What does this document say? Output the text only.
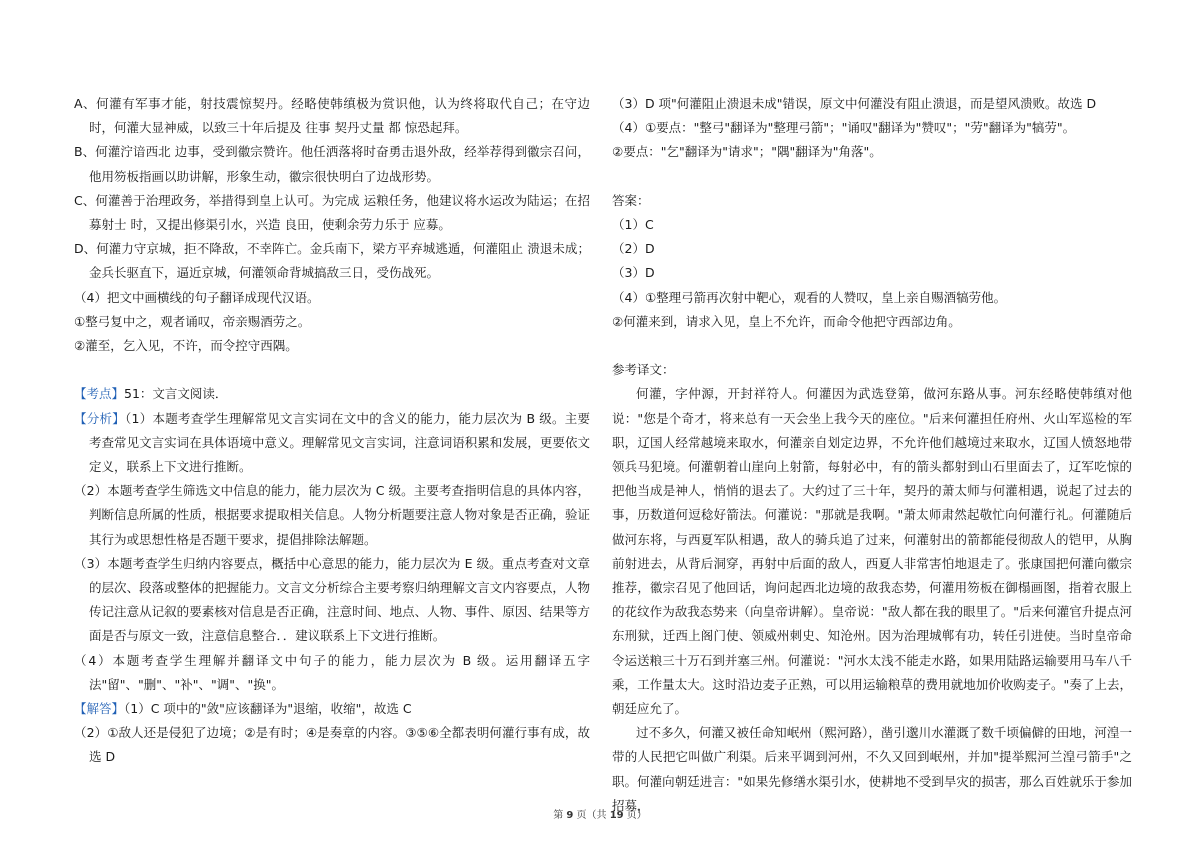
A、何灌有军事才能，射技震惊契丹。经略使韩缜极为赏识他，认为终将取代自己；在守边时，何灌大显神威，以致三十年后提及 往事 契丹丈量 都 惊恐起拜。

B、何灌泞谙西北 边事，受到徽宗赞许。他任洒落将时奋勇击退外敌，经举荐得到徽宗召问，他用笏板指画以助讲解，形象生动，徽宗很快明白了边战形势。

C、何灌善于治理政务，举措得到皇上认可。为完成 运粮任务，他建议将水运改为陆运；在招募射士 时，又提出修渠引水，兴造 良田，使剩余劳力乐于 应募。

D、何灌力守京城，拒不降敌，不幸阵亡。金兵南下，梁方平弃城逃遁，何灌阻止 溃退未成；金兵长驱直下，逼近京城，何灌领命背城搞敌三日，受伤战死。

（4）把文中画横线的句子翻译成现代汉语。

①整弓复中之，观者诵叹，帝亲赐酒劳之。

②灌至，乞入见，不许，而令控守西隅。

【考点】51：文言文阅读．

【分析】（1）本题考查学生理解常见文言实词在文中的含义的能力，能力层次为 B 级。主要考查常见文言实词在具体语境中意义。理解常见文言实词，注意词语积累和发展，更要依文定义，联系上下文进行推断。

（2）本题考查学生筛选文中信息的能力，能力层次为 C 级。主要考查指明信息的具体内容，判断信息所属的性质，根据要求提取相关信息。人物分析题要注意人物对象是否正确，验证其行为或思想性格是否题干要求，提倡排除法解题。

（3）本题考查学生归纳内容要点，概括中心意思的能力，能力层次为 E 级。重点考查对文章的层次、段落或整体的把握能力。文言文分析综合主要考察归纳理解文言文内容要点，人物传记注意从记叙的要素核对信息是否正确，注意时间、地点、人物、事件、原因、结果等方面是否与原文一致，注意信息整合．．建议联系上下文进行推断。

（4）本题考查学生理解并翻译文中句子的能力，能力层次为 B 级。运用翻译五字法"留"、"删"、"补"、"调"、"换"。

【解答】（1）C 项中的"敛"应该翻译为"退缩，收缩"，故选 C

（2）①敌人还是侵犯了边境；②是有时；④是奏章的内容。③⑤⑥全都表明何灌行事有成，故选 D

（3）D 项"何灌阻止溃退未成"错误，原文中何灌没有阻止溃退，而是望风溃败。故选 D

（4）①要点："整弓"翻译为"整理弓箭"；"诵叹"翻译为"赞叹"；"劳"翻译为"犒劳"。

②要点："乞"翻译为"请求"；"隅"翻译为"角落"。

答案：

（1）C

（2）D

（3）D

（4）①整理弓箭再次射中靶心，观看的人赞叹，皇上亲自赐酒犒劳他。

②何灌来到，请求入见，皇上不允许，而命令他把守西部边角。

参考译文：

何灌，字仲源，开封祥符人。何灌因为武选登第，做河东路从事。河东经略使韩缜对他说："您是个奇才，将来总有一天会坐上我今天的座位。"后来何灌担任府州、火山军巡检的军职，辽国人经常越境来取水，何灌亲自划定边界，不允许他们越境过来取水，辽国人愤怒地带领兵马犯境。何灌朝着山崖向上射箭，每射必中，有的箭头都射到山石里面去了，辽军吃惊的把他当成是神人，悄悄的退去了。大约过了三十年，契丹的萧太师与何灌相遇，说起了过去的事，历数道何逗稔好箭法。何灌说："那就是我啊。"萧太师肃然起敬忙向何灌行礼。何灌随后做河东将，与西夏军队相遇，敌人的骑兵追了过来，何灌射出的箭都能侵彻敌人的铠甲，从胸前射进去，从背后洞穿，再射中后面的敌人，西夏人非常害怕地退走了。张康国把何灌向徽宗推荐，徽宗召见了他回话，询问起西北边境的敌我态势，何灌用笏板在御榻画图，指着衣服上的花纹作为敌我态势来（向皇帝讲解）。皇帝说："敌人都在我的眼里了。"后来何灌官升提点河东刑狱，迁西上阁门使、领威州刺史、知沧州。因为治理城郸有功，转任引进使。当时皇帝命令运送粮三十万石到并塞三州。何灌说："河水太浅不能走水路，如果用陆路运输要用马车八千乘，工作量太大。这时沿边麦子正熟，可以用运输粮草的费用就地加价收购麦子。"奏了上去，朝廷应允了。

过不多久，何灌又被任命知岷州（熙河路），凿引邈川水灌溉了数千顷偏僻的田地，河湟一带的人民把它叫做广利渠。后来平调到河州，不久又回到岷州，并加"提举熙河兰湟弓箭手"之职。何灌向朝廷进言："如果先修缮水渠引水，使耕地不受到旱灾的损害，那么百姓就乐于参加招募，

第 9 页（共 19 页）
